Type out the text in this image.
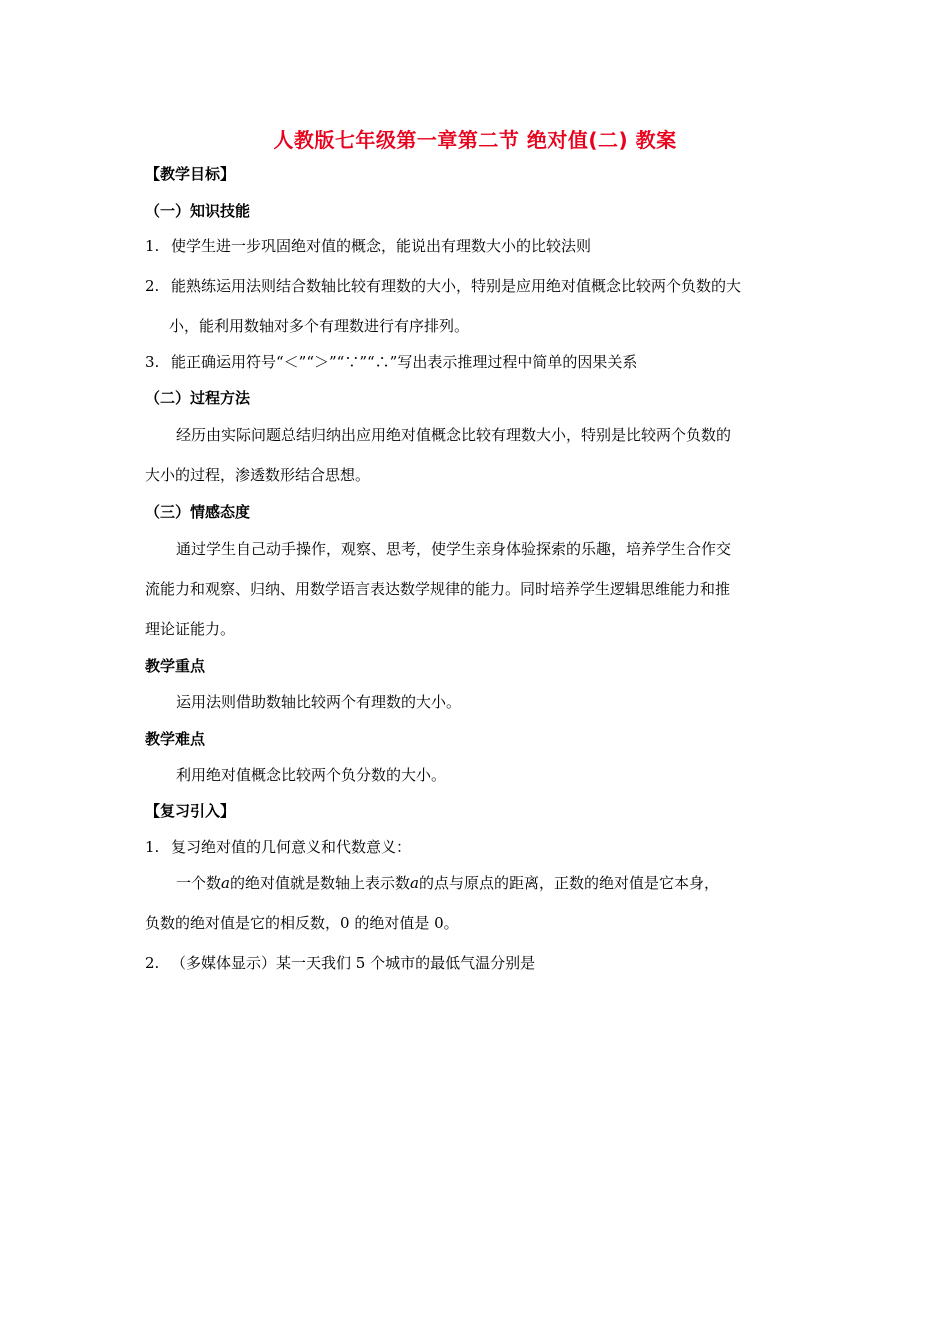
人教版七年级第一章第二节 绝对值(二) 教案
【教学目标】
（一）知识技能
1. 使学生进一步巩固绝对值的概念，能说出有理数大小的比较法则
2. 能熟练运用法则结合数轴比较有理数的大小，特别是应用绝对值概念比较两个负数的大
小，能利用数轴对多个有理数进行有序排列。
3. 能正确运用符号“＜”“＞”“∵”“∴”写出表示推理过程中简单的因果关系
（二）过程方法
经历由实际问题总结归纳出应用绝对值概念比较有理数大小，特别是比较两个负数的
大小的过程，渗透数形结合思想。
（三）情感态度
通过学生自己动手操作，观察、思考，使学生亲身体验探索的乐趣，培养学生合作交
流能力和观察、归纳、用数学语言表达数学规律的能力。同时培养学生逻辑思维能力和推
理论证能力。
教学重点
运用法则借助数轴比较两个有理数的大小。
教学难点
利用绝对值概念比较两个负分数的大小。
【复习引入】
1. 复习绝对值的几何意义和代数意义：
一个数a的绝对值就是数轴上表示数a的点与原点的距离，正数的绝对值是它本身，
负数的绝对值是它的相反数，0 的绝对值是 0。
2. （多媒体显示）某一天我们 5 个城市的最低气温分别是
